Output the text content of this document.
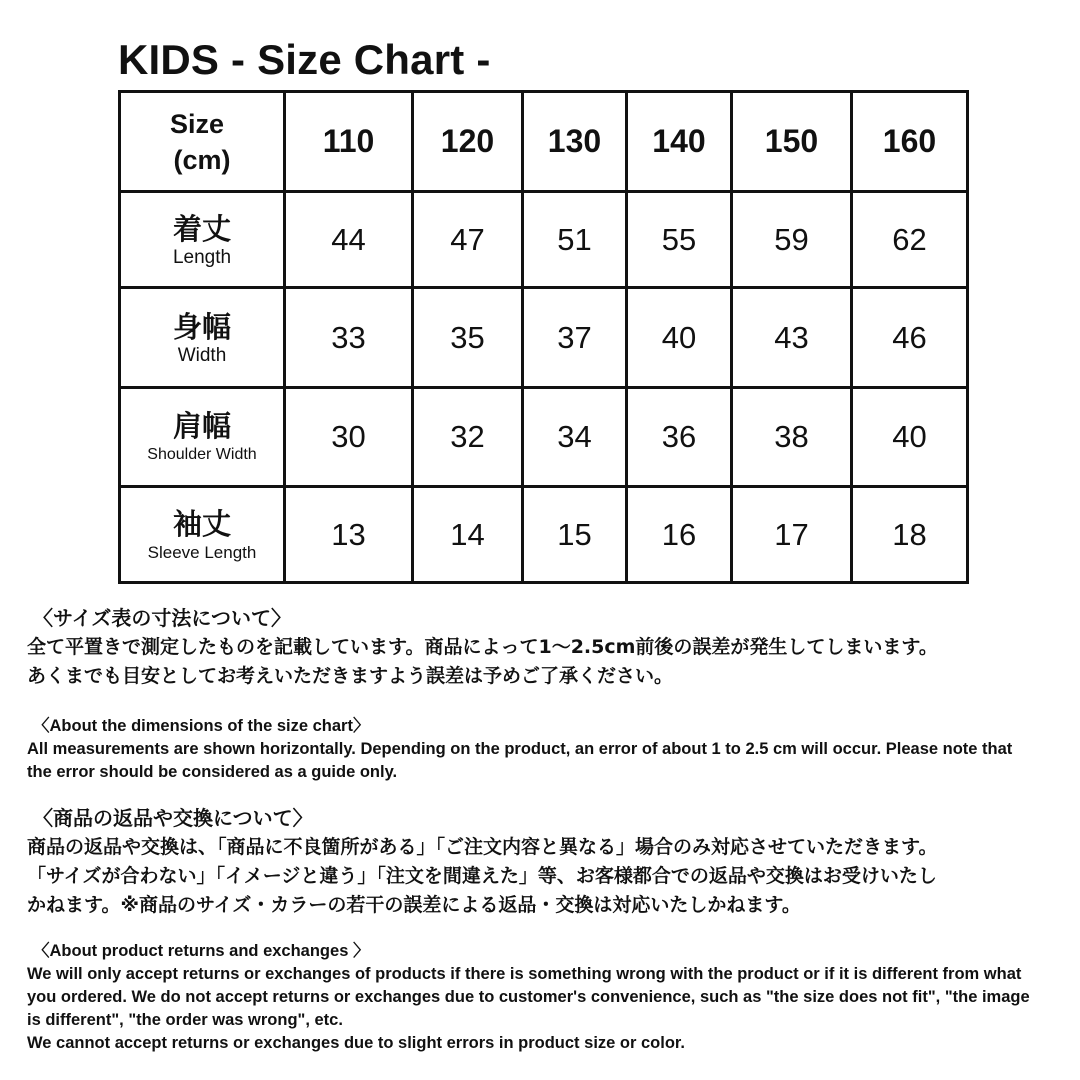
KIDS - Size Chart -
Size
(cm)	110	120	130	140	150	160

着丈
Length	44	47	51	55	59	62

身幅
Width	33	35	37	40	43	46

肩幅
Shoulder Width	30	32	34	36	38	40

袖丈
Sleeve Length	13	14	15	16	17	18

〈サイズ表の寸法について〉

全て平置きで測定したものを記載しています。商品によって1〜2.5cm前後の誤差が発生してしまいます。

あくまでも目安としてお考えいただきますよう誤差は予めご了承ください。

〈About the dimensions of the size chart〉

All measurements are shown horizontally. Depending on the product, an error of about 1 to 2.5 cm will occur. Please note that

the error should be considered as a guide only.

〈商品の返品や交換について〉

商品の返品や交換は、「商品に不良箇所がある」「ご注文内容と異なる」場合のみ対応させていただきます。

「サイズが合わない」「イメージと違う」「注文を間違えた」等、お客様都合での返品や交換はお受けいたし

かねます。※商品のサイズ・カラーの若干の誤差による返品・交換は対応いたしかねます。

〈About product returns and exchanges 〉

We will only accept returns or exchanges of products if there is something wrong with the product or if it is different from what

you ordered. We do not accept returns or exchanges due to customer's convenience, such as "the size does not fit", "the image

is different", "the order was wrong", etc.

We cannot accept returns or exchanges due to slight errors in product size or color.
